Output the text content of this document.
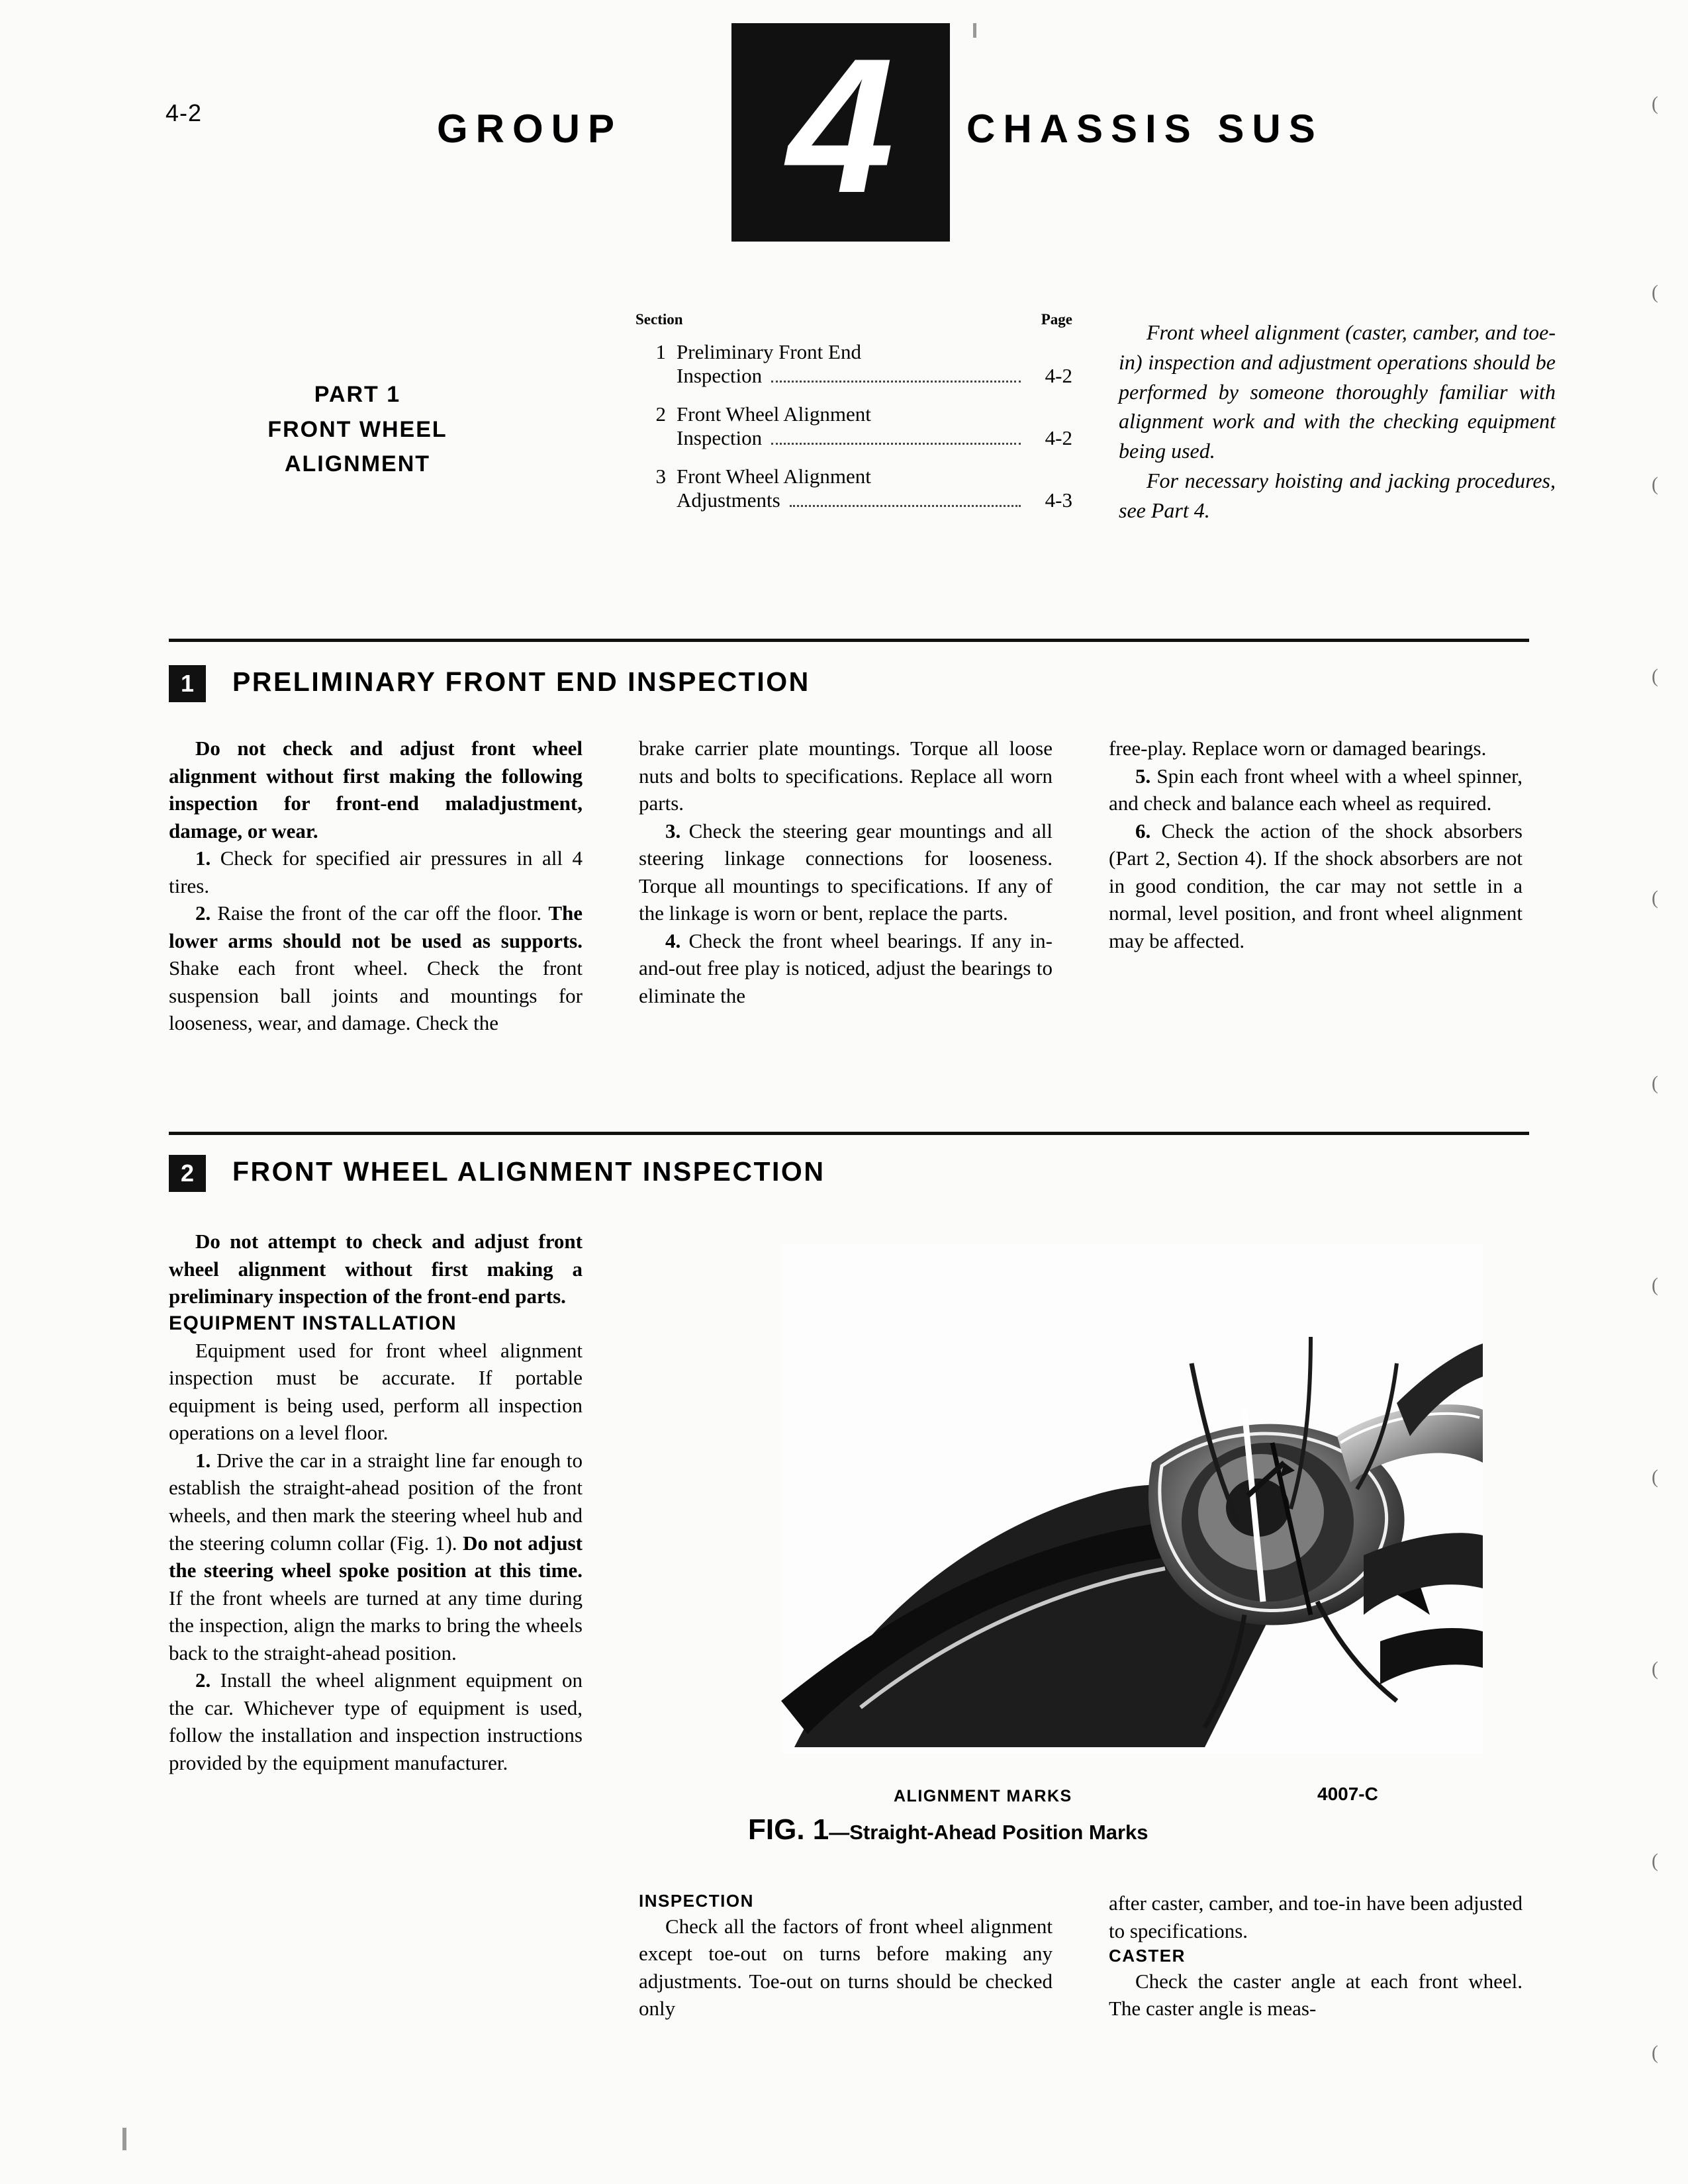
4-2	GROUP 4	CHASSIS SUS
PART 1
FRONT WHEEL
ALIGNMENT
Section	Page
1 Preliminary Front End
Inspection	4-2
2 Front Wheel Alignment
Inspection	4-2
3 Front Wheel Alignment
Adjustments	4-3

Front wheel alignment (caster, camber, and toe-in) inspection and adjustment operations should be performed by someone thoroughly familiar with alignment work and with the checking equipment being used.

For necessary hoisting and jacking procedures, see Part 4.

1	PRELIMINARY FRONT END INSPECTION

Do not check and adjust front wheel alignment without first making the following inspection for front-end maladjustment, damage, or wear.

1. Check for specified air pressures in all 4 tires.

2. Raise the front of the car off the floor. The lower arms should not be used as supports. Shake each front wheel. Check the front suspension ball joints and mountings for looseness, wear, and damage. Check the

brake carrier plate mountings. Torque all loose nuts and bolts to specifications. Replace all worn parts.

3. Check the steering gear mountings and all steering linkage connections for looseness. Torque all mountings to specifications. If any of the linkage is worn or bent, replace the parts.

4. Check the front wheel bearings. If any in-and-out free play is noticed, adjust the bearings to eliminate the

free-play. Replace worn or damaged bearings.

5. Spin each front wheel with a wheel spinner, and check and balance each wheel as required.

6. Check the action of the shock absorbers (Part 2, Section 4). If the shock absorbers are not in good condition, the car may not settle in a normal, level position, and front wheel alignment may be affected.

2	FRONT WHEEL ALIGNMENT INSPECTION

Do not attempt to check and adjust front wheel alignment without first making a preliminary inspection of the front-end parts.

EQUIPMENT INSTALLATION

Equipment used for front wheel alignment inspection must be accurate. If portable equipment is being used, perform all inspection operations on a level floor.

1. Drive the car in a straight line far enough to establish the straight-ahead position of the front wheels, and then mark the steering wheel hub and the steering column collar (Fig. 1). Do not adjust the steering wheel spoke position at this time. If the front wheels are turned at any time during the inspection, align the marks to bring the wheels back to the straight-ahead position.

2. Install the wheel alignment equipment on the car. Whichever type of equipment is used, follow the installation and inspection instructions provided by the equipment manufacturer.

ALIGNMENT MARKS	4007-C
FIG. 1—Straight-Ahead Position Marks

INSPECTION

Check all the factors of front wheel alignment except toe-out on turns before making any adjustments. Toe-out on turns should be checked only

after caster, camber, and toe-in have been adjusted to specifications.

CASTER

Check the caster angle at each front wheel. The caster angle is meas-

(
(
(
(
(
(
(
(
(
(
(
